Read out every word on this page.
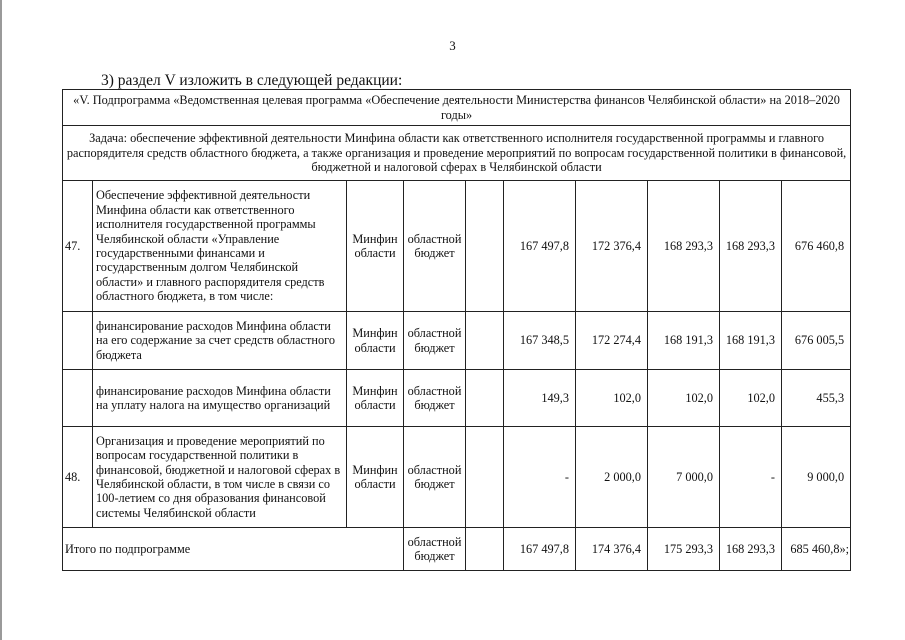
3
3) раздел V изложить в следующей редакции:
«V. Подпрограмма «Ведомственная целевая программа «Обеспечение деятельности Министерства финансов Челябинской области» на 2018–2020 годы»									
Задача: обеспечение эффективной деятельности Минфина области как ответственного исполнителя государственной программы и главного распорядителя средств областного бюджета, а также организация и проведение мероприятий по вопросам государственной политики в финансовой, бюджетной и налоговой сферах в Челябинской области									
47.	Обеспечение эффективной деятельности Минфина области как ответственного исполнителя государственной программы Челябинской области «Управление государственными финансами и государственным долгом Челябинской области» и главного распорядителя средств областного бюджета, в том числе:	Минфин области	областной бюджет		167 497,8	172 376,4	168 293,3	168 293,3	676 460,8
	финансирование расходов Минфина области на его содержание за счет средств областного бюджета	Минфин области	областной бюджет		167 348,5	172 274,4	168 191,3	168 191,3	676 005,5
	финансирование расходов Минфина области на уплату налога на имущество организаций	Минфин области	областной бюджет		149,3	102,0	102,0	102,0	455,3
48.	Организация и проведение мероприятий по вопросам государственной политики в финансовой, бюджетной и налоговой сферах в Челябинской области, в том числе в связи со 100-летием со дня образования финансовой системы Челябинской области	Минфин области	областной бюджет		-	2 000,0	7 000,0	-	9 000,0
Итого по подпрограмме			областной бюджет		167 497,8	174 376,4	175 293,3	168 293,3	685 460,8»;
